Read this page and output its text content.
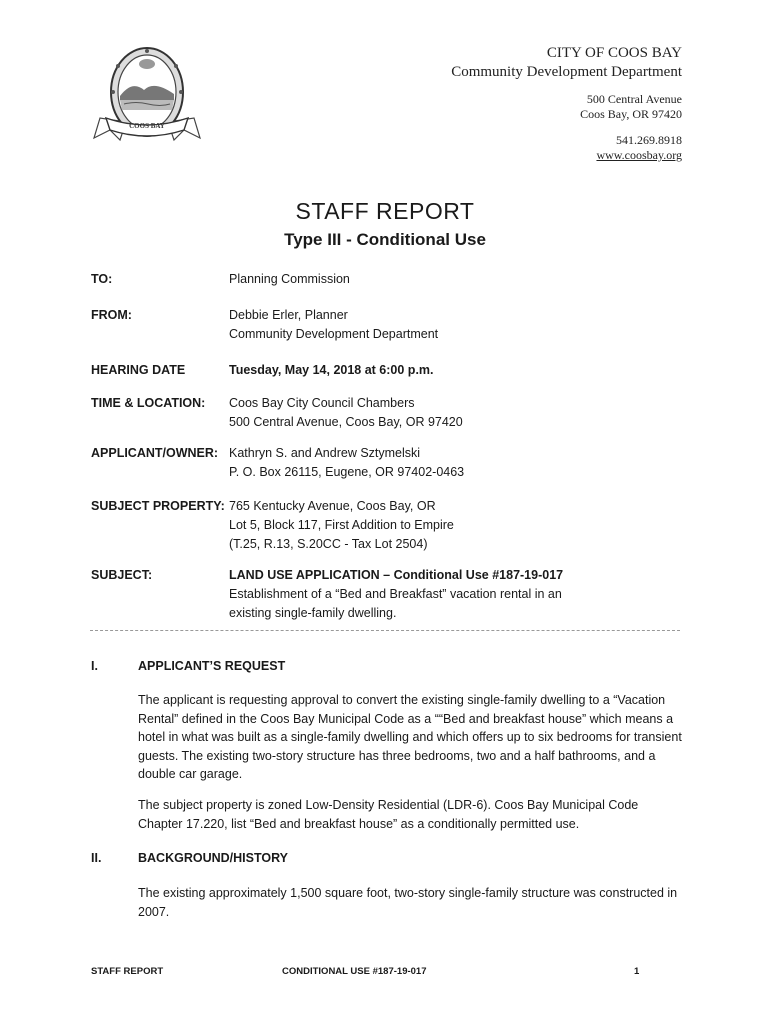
COOS BAY
CITY OF COOS BAY
Community Development Department
500 Central Avenue
Coos Bay, OR 97420
541.269.8918
www.coosbay.org
STAFF REPORT
Type III - Conditional Use
TO:	Planning Commission
FROM:	Debbie Erler, Planner
Community Development Department
HEARING DATE	Tuesday, May 14, 2018 at 6:00 p.m.
TIME & LOCATION: Coos Bay City Council Chambers
500 Central Avenue, Coos Bay, OR 97420
APPLICANT/OWNER: Kathryn S. and Andrew Sztymelski
P. O. Box 26115, Eugene, OR 97402-0463
SUBJECT PROPERTY: 765 Kentucky Avenue, Coos Bay, OR
Lot 5, Block 117, First Addition to Empire
(T.25, R.13, S.20CC - Tax Lot 2504)
SUBJECT:	LAND USE APPLICATION – Conditional Use #187-19-017
Establishment of a “Bed and Breakfast” vacation rental in an
existing single-family dwelling.
I.	APPLICANT’S REQUEST
The applicant is requesting approval to convert the existing single-family dwelling to a “Vacation Rental” defined in the Coos Bay Municipal Code as a ““Bed and breakfast house” which means a hotel in what was built as a single-family dwelling and which offers up to six bedrooms for transient guests. The existing two-story structure has three bedrooms, two and a half bathrooms, and a double car garage.
The subject property is zoned Low-Density Residential (LDR-6). Coos Bay Municipal Code Chapter 17.220, list “Bed and breakfast house” as a conditionally permitted use.
II.	BACKGROUND/HISTORY
The existing approximately 1,500 square foot, two-story single-family structure was constructed in 2007.
STAFF REPORT	CONDITIONAL USE #187-19-017	1
